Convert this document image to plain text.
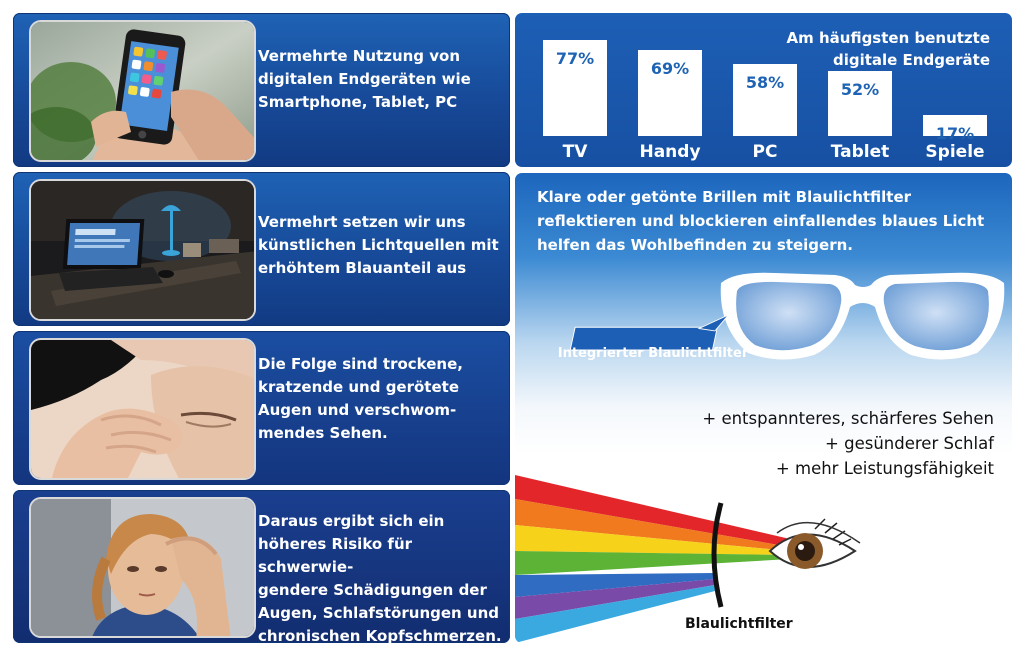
Vermehrte Nutzung von
digitalen Endgeräten wie
Smartphone, Tablet, PC
Vermehrt setzen wir uns
künstlichen Lichtquellen mit
erhöhtem Blauanteil aus
Die Folge sind trockene,
kratzende und gerötete
Augen und verschwom-
mendes Sehen.
Daraus ergibt sich ein
höheres Risiko für schwerwie-
gendere Schädigungen der
Augen, Schlafstörungen und
chronischen Kopfschmerzen.
Am häufigsten benutzte
digitale Endgeräte
77%
TV
69%
Handy
58%
PC
52%
Tablet
17%
Spiele
Klare oder getönte Brillen mit Blaulichtfilter reflektieren und blockieren einfallendes blaues Licht helfen das Wohlbefinden zu steigern.
Integrierter Blaulichtfilter
+ entspannteres, schärferes Sehen
+ gesünderer Schlaf
+ mehr Leistungsfähigkeit
Blaulichtfilter
